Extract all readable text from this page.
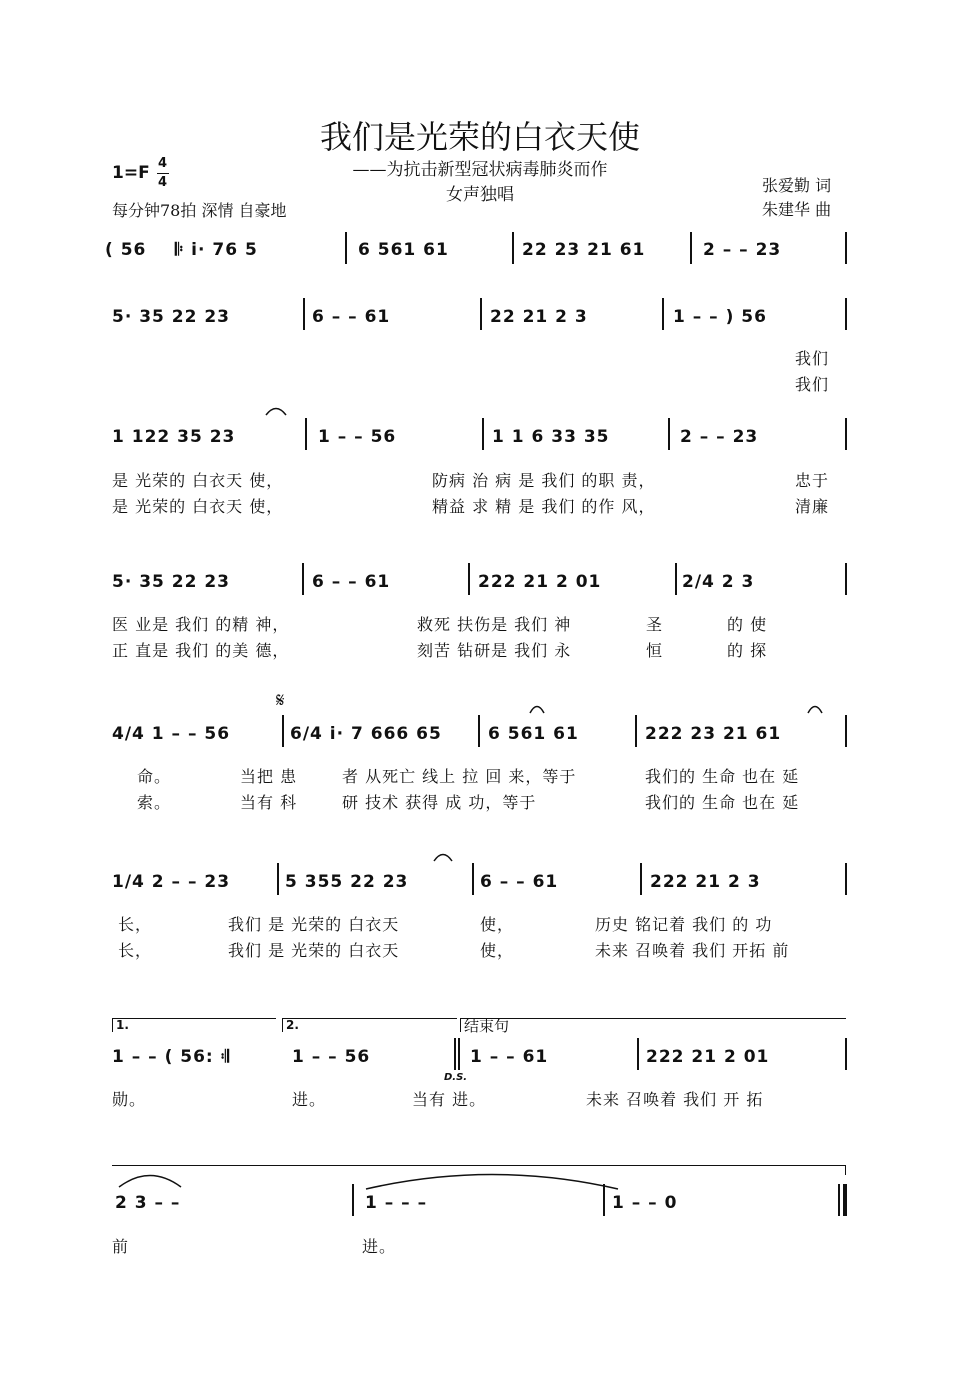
我们是光荣的白衣天使
——为抗击新型冠状病毒肺炎而作
女声独唱
1=F 4
4
每分钟78拍 深情 自豪地
张爱勤 词
朱建华 曲
( 56 𝄆 i· 76 5	6 561 61	22 23 21 61	2 – – 23
5· 35 22 23	6 – – 61	22 21 2 3	1 – – ) 56
我们
我们
1 122 35 23	1 – – 56	1 1 6 33 35	2 – – 23
是 光荣的 白衣天 使，	防病 治 病 是 我们 的职 责，	忠于
是 光荣的 白衣天 使，	精益 求 精 是 我们 的作 风，	清廉
5· 35 22 23	6 – – 61	222 21 2 01	2/4 2 3
医 业是 我们 的精 神，	救死 扶伤是 我们 神	圣	的 使
正 直是 我们 的美 德，	刻苦 钻研是 我们 永	恒	的 探
𝄋
4/4 1 – – 56	6/4 i· 7 666 65	6 561 61	222 23 21 61
命。	当把 患	者 从死亡 线上 拉 回 来，等于	我们的 生命 也在 延
索。	当有 科	研 技术 获得 成 功，等于	我们的 生命 也在 延
1/4 2 – – 23	5 355 22 23	6 – – 61	222 21 2 3
长，	我们 是 光荣的 白衣天	使，	历史 铭记着 我们 的 功
长，	我们 是 光荣的 白衣天	使，	未来 召唤着 我们 开拓 前
1.	2.	结束句
1 – – ( 56: 𝄇	1 – – 56
D.S.
1 – – 61	222 21 2 01
勋。	进。	当有 进。	未来 召唤着 我们 开 拓
2 3 – –	1 – – –	1 – – 0
前	进。
